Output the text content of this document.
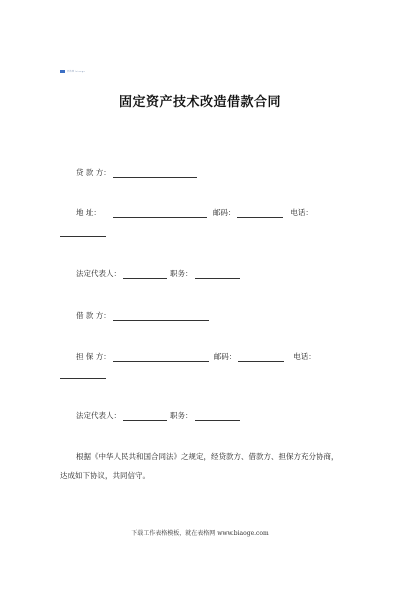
表格网 biaoge
固定资产技术改造借款合同
贷 款 方：
地 址：	邮码：	电话：
法定代表人：	职务：
借 款 方：
担 保 方：	邮码：	电话：
法定代表人：	职务：
根据《中华人民共和国合同法》之规定，经贷款方、借款方、担保方充分协商，达成如下协议，共同信守。
下载工作表格模板，就在表格网 www.biaoge.com
